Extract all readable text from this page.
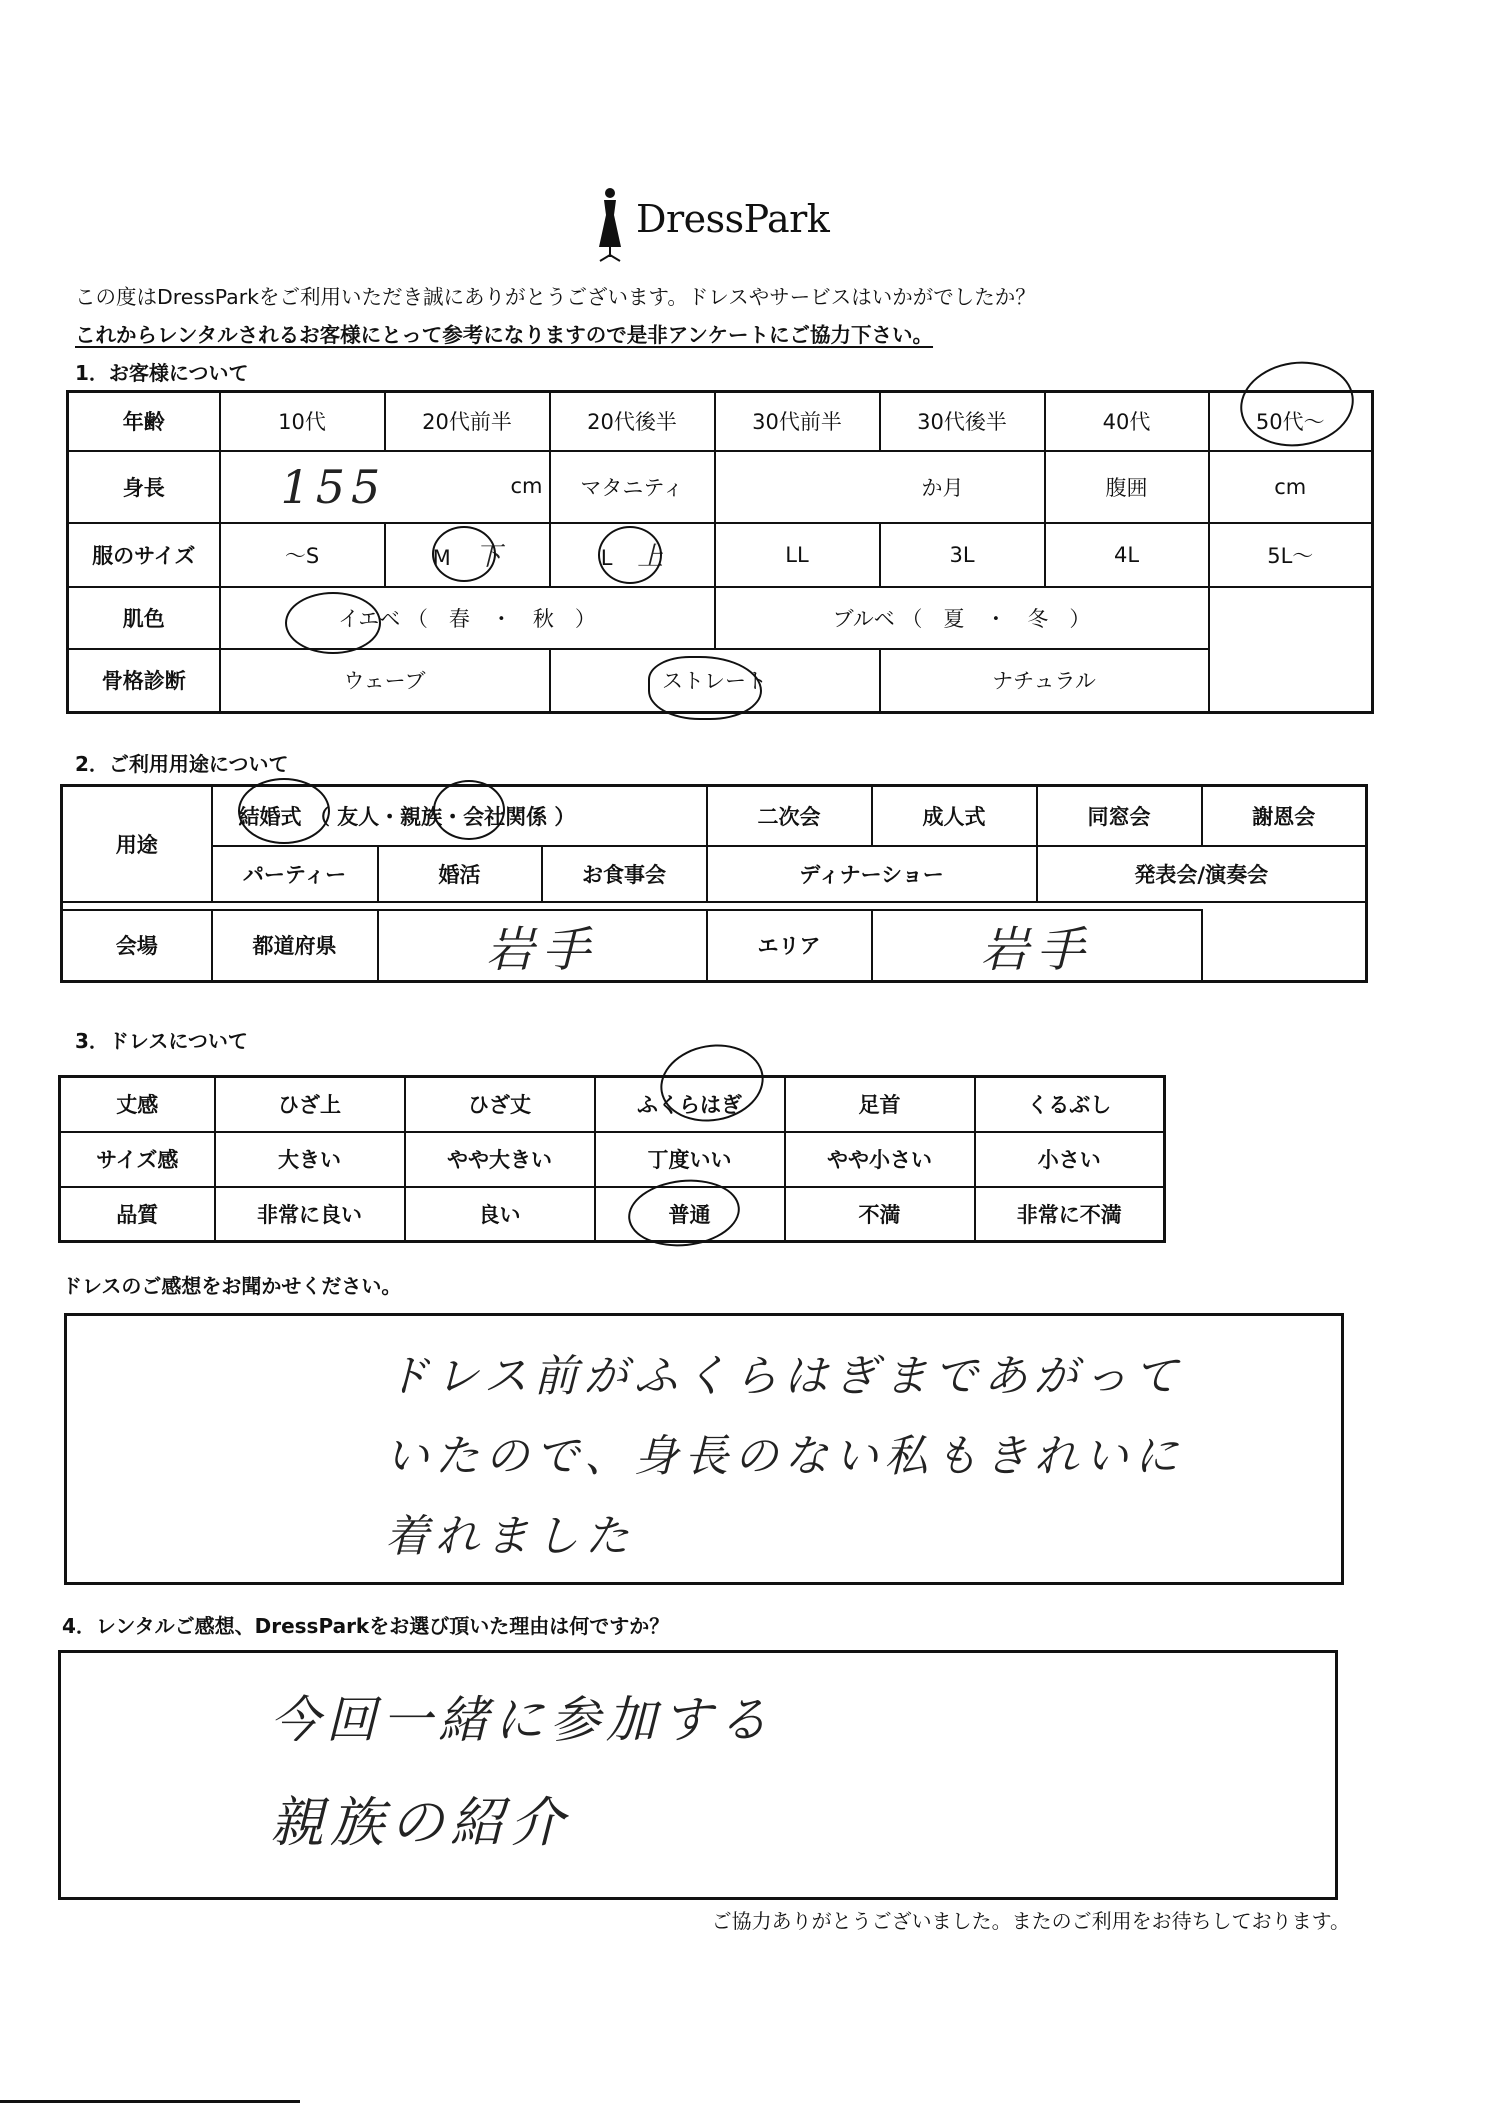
DressPark
この度はDressParkをご利用いただき誠にありがとうございます。ドレスやサービスはいかがでしたか？
これからレンタルされるお客様にとって参考になりますので是非アンケートにご協力下さい。
1．お客様について
年齢	10代	20代前半	20代後半	30代前半	30代後半	40代	50代～
身長	155 cm		マタニティ	か月		腹囲	cm
服のサイズ	～S	M 下	L 上	LL	3L	4L	5L～
肌色	イエベ （　春　・　秋　）			ブルベ （　夏　・　冬　）			
骨格診断	ウェーブ		ストレート		ナチュラル		
2．ご利用用途について
用途	結婚式 （ 友人・親族・会社関係 ）			二次会	成人式	同窓会	謝恩会
	パーティー	婚活	お食事会	ディナーショー		発表会/演奏会	

会場	都道府県	岩手		エリア	岩手		
3．ドレスについて
丈感	ひざ上	ひざ丈	ふくらはぎ	足首	くるぶし
サイズ感	大きい	やや大きい	丁度いい	やや小さい	小さい
品質	非常に良い	良い	普通	不満	非常に不満
ドレスのご感想をお聞かせください。
ドレス前がふくらはぎまであがって
いたので、身長のない私もきれいに
着れました
4．レンタルご感想、DressParkをお選び頂いた理由は何ですか？
今回一緒に参加する
親族の紹介
ご協力ありがとうございました。またのご利用をお待ちしております。
